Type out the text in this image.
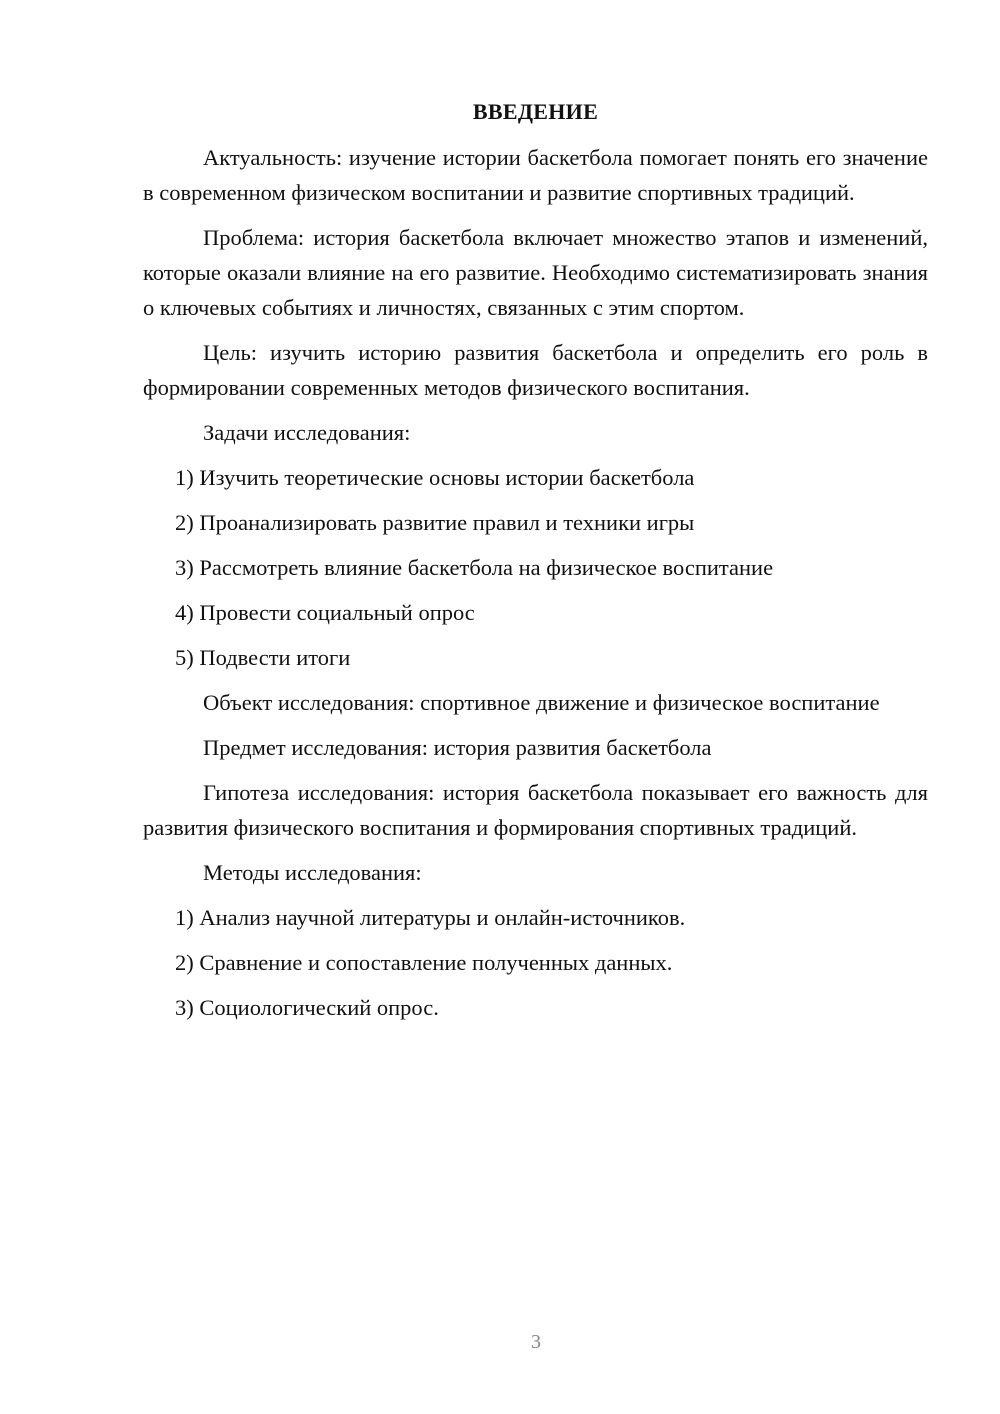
ВВЕДЕНИЕ
Актуальность: изучение истории баскетбола помогает понять его значение в современном физическом воспитании и развитие спортивных традиций.
Проблема: история баскетбола включает множество этапов и изменений, которые оказали влияние на его развитие. Необходимо систематизировать знания о ключевых событиях и личностях, связанных с этим спортом.
Цель: изучить историю развития баскетбола и определить его роль в формировании современных методов физического воспитания.
Задачи исследования:
1) Изучить теоретические основы истории баскетбола
2) Проанализировать развитие правил и техники игры
3) Рассмотреть влияние баскетбола на физическое воспитание
4) Провести социальный опрос
5) Подвести итоги
Объект исследования: спортивное движение и физическое воспитание
Предмет исследования: история развития баскетбола
Гипотеза исследования: история баскетбола показывает его важность для развития физического воспитания и формирования спортивных традиций.
Методы исследования:
1) Анализ научной литературы и онлайн-источников.
2) Сравнение и сопоставление полученных данных.
3) Социологический опрос.
3
